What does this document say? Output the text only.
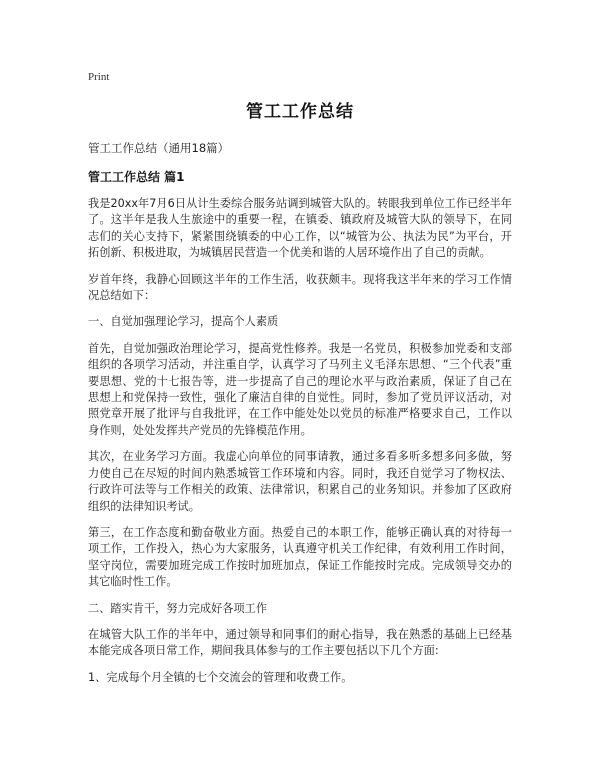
Print
管工工作总结
管工工作总结（通用18篇）
管工工作总结 篇1

我是20xx年7月6日从计生委综合服务站调到城管大队的。转眼我到单位工作已经半年了。这半年是我人生旅途中的重要一程，在镇委、镇政府及城管大队的领导下，在同志们的关心支持下，紧紧围绕镇委的中心工作，以“城管为公、执法为民”为平台，开拓创新、积极进取，为城镇居民营造一个优美和谐的人居环境作出了自己的贡献。

岁首年终，我静心回顾这半年的工作生活，收获颇丰。现将我这半年来的学习工作情况总结如下：

一、自觉加强理论学习，提高个人素质

首先，自觉加强政治理论学习，提高党性修养。我是一名党员，积极参加党委和支部组织的各项学习活动，并注重自学，认真学习了马列主义毛泽东思想、“三个代表”重要思想、党的十七报告等，进一步提高了自己的理论水平与政治素质，保证了自己在思想上和党保持一致性，强化了廉洁自律的自觉性。同时，参加了党员评议活动，对照党章开展了批评与自我批评，在工作中能处处以党员的标准严格要求自己，工作以身作则，处处发挥共产党员的先锋模范作用。

其次，在业务学习方面。我虚心向单位的同事请教，通过多看多听多想多问多做，努力使自己在尽短的时间内熟悉城管工作环境和内容。同时，我还自觉学习了物权法、行政许可法等与工作相关的政策、法律常识，积累自己的业务知识。并参加了区政府组织的法律知识考试。

第三，在工作态度和勤奋敬业方面。热爱自己的本职工作，能够正确认真的对待每一项工作，工作投入，热心为大家服务，认真遵守机关工作纪律，有效利用工作时间，坚守岗位，需要加班完成工作按时加班加点，保证工作能按时完成。完成领导交办的其它临时性工作。

二、踏实肯干，努力完成好各项工作

在城管大队工作的半年中，通过领导和同事们的耐心指导，我在熟悉的基础上已经基本能完成各项日常工作，期间我具体参与的工作主要包括以下几个方面:

1、完成每个月全镇的七个交流会的管理和收费工作。
